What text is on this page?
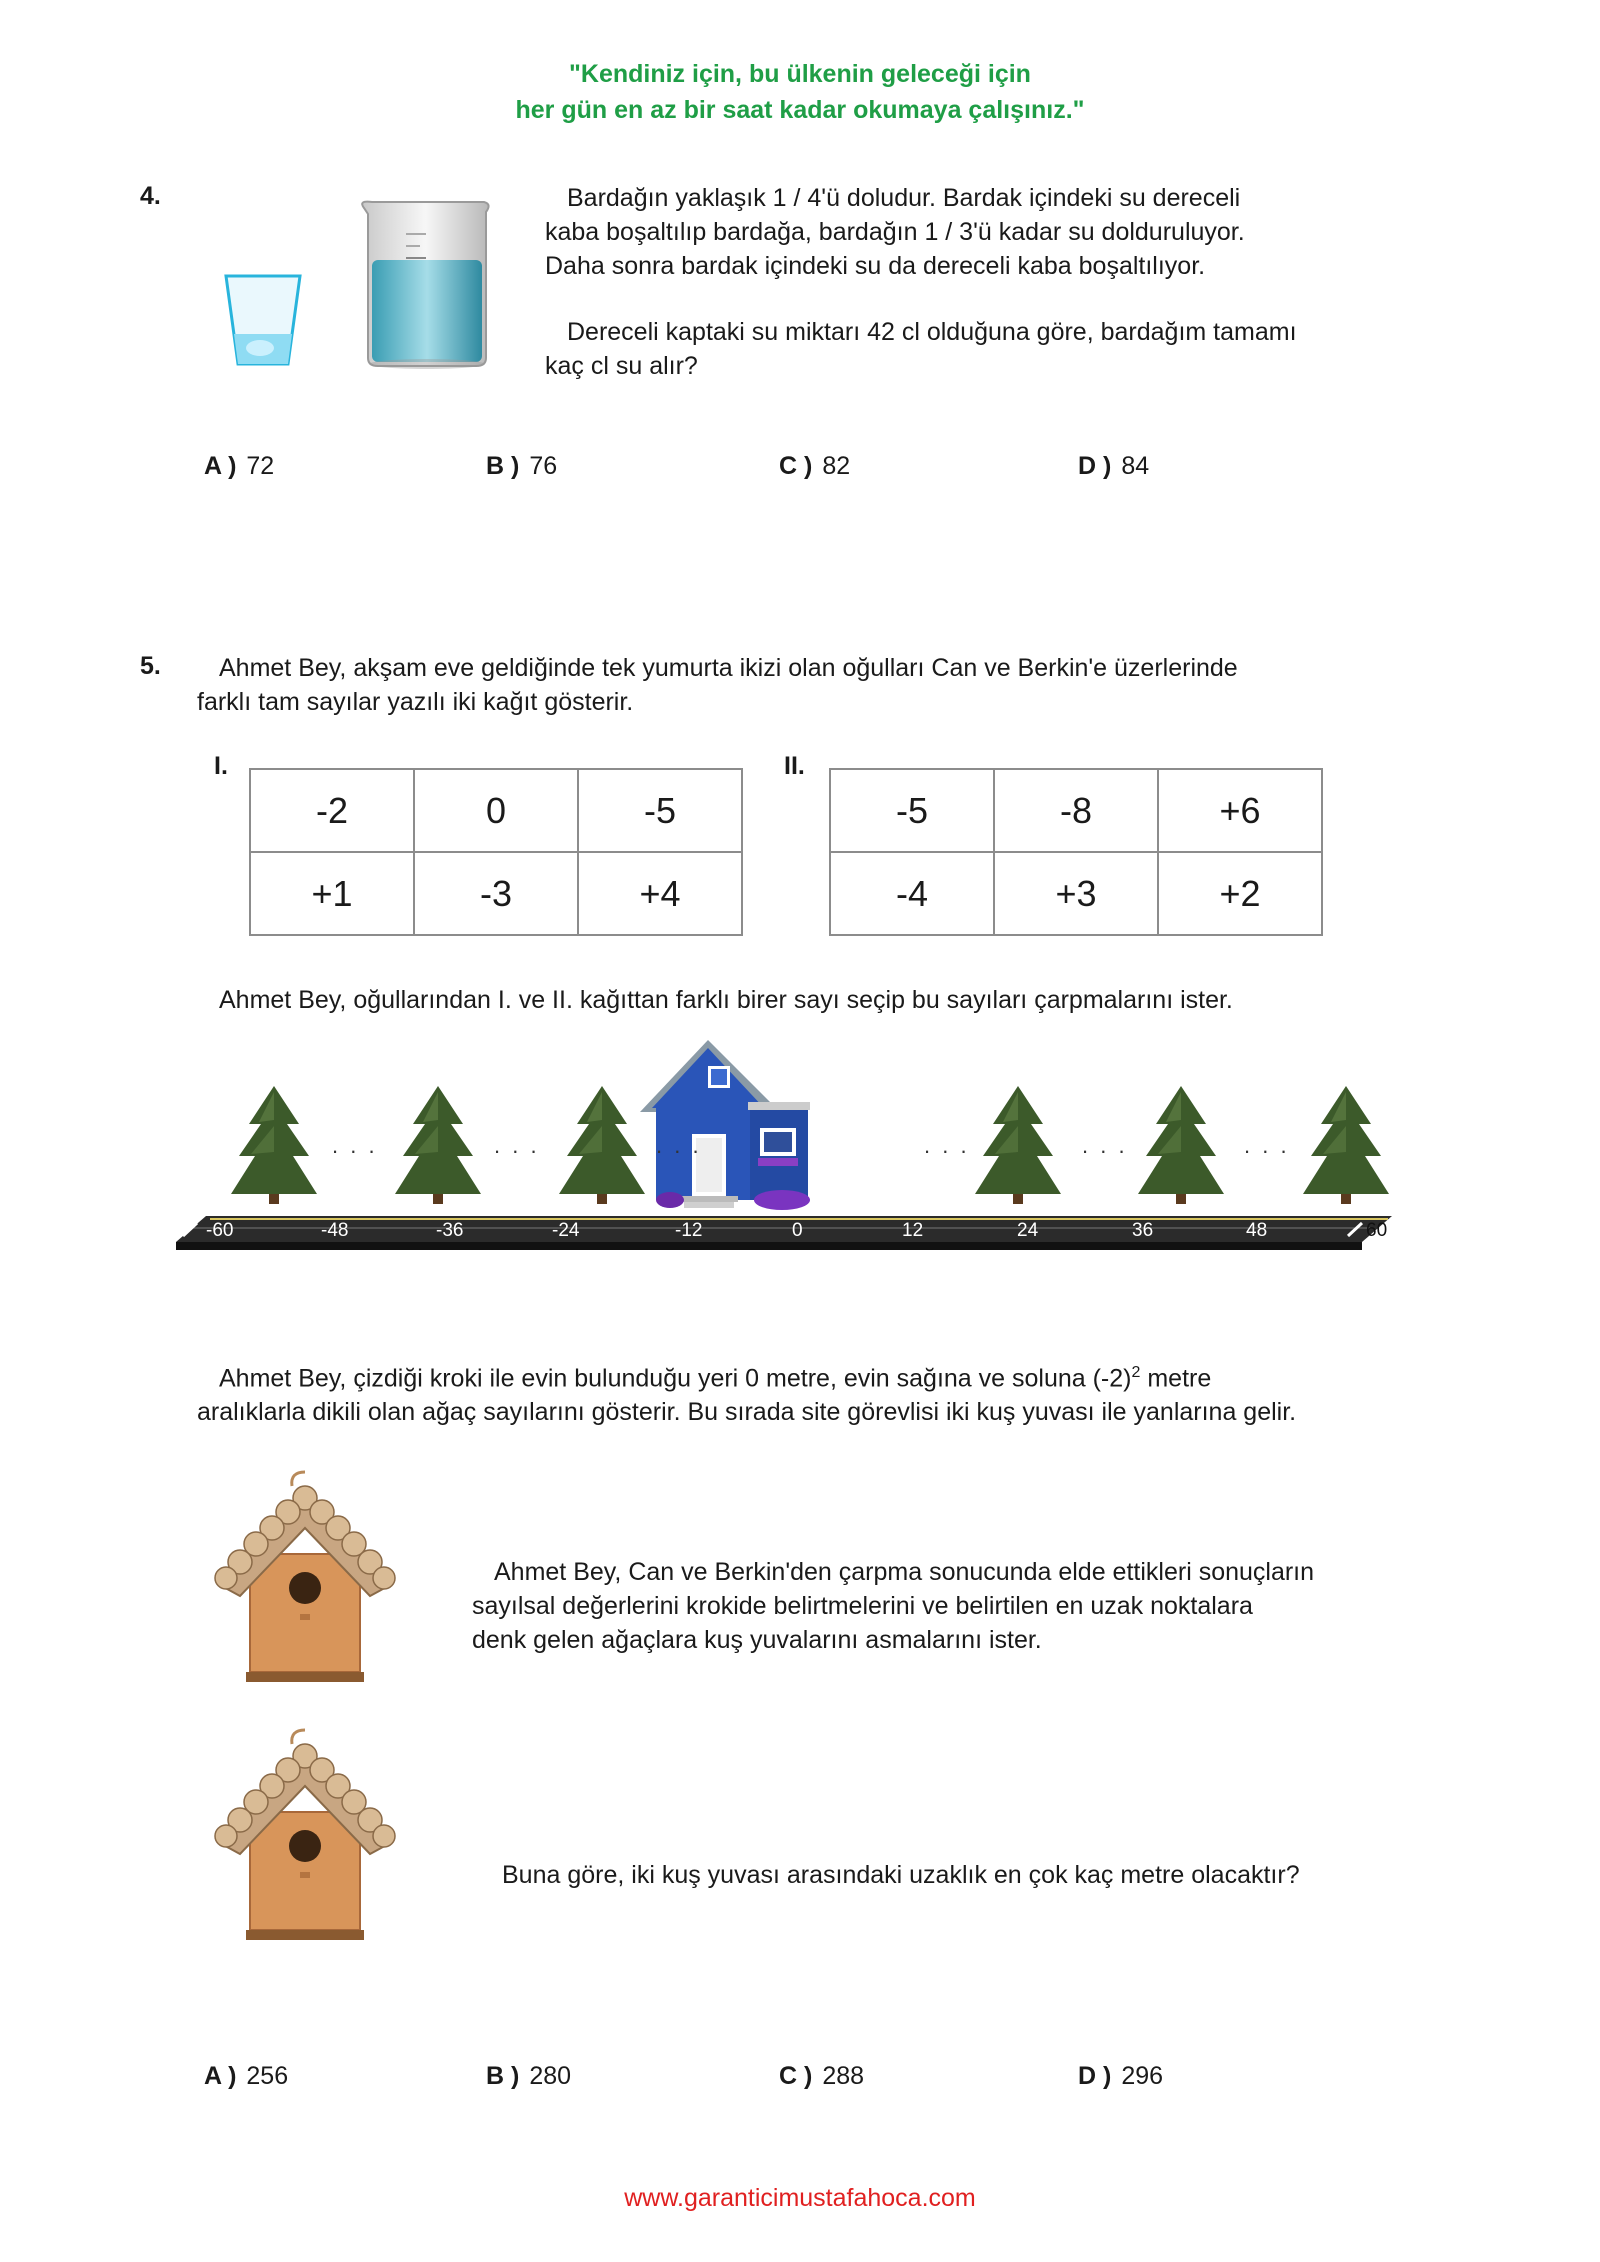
"Kendiniz için, bu ülkenin geleceği için
her gün en az bir saat kadar okumaya çalışınız."
4.	Bardağın yaklaşık 1 / 4'ü doludur. Bardak içindeki su dereceli
kaba boşaltılıp bardağa, bardağın 1 / 3'ü kadar su dolduruluyor.
Daha sonra bardak içindeki su da dereceli kaba boşaltılıyor.
Dereceli kaptaki su miktarı 42 cl olduğuna göre, bardağım tamamı
kaç cl su alır?
A ) 72	B ) 76	C ) 82	D ) 84
5.	Ahmet Bey, akşam eve geldiğinde tek yumurta ikizi olan oğulları Can ve Berkin'e üzerlerinde
farklı tam sayılar yazılı iki kağıt gösterir.
I.
-2	0	-5
+1	-3	+4
II.
-5	-8	+6
-4	+3	+2
Ahmet Bey, oğullarından I. ve II. kağıttan farklı birer sayı seçip bu sayıları çarpmalarını ister.
. . .	. . .	. . .	. . .	. . .	. . .
-60	-48	-36	-24	-12	0	12	24	36	48	60
Ahmet Bey, çizdiği kroki ile evin bulunduğu yeri 0 metre, evin sağına ve soluna $(-2)^2$ metre
aralıklarla dikili olan ağaç sayılarını gösterir. Bu sırada site görevlisi iki kuş yuvası ile yanlarına gelir.
Ahmet Bey, Can ve Berkin'den çarpma sonucunda elde ettikleri sonuçların
sayılsal değerlerini krokide belirtmelerini ve belirtilen en uzak noktalara
denk gelen ağaçlara kuş yuvalarını asmalarını ister.
Buna göre, iki kuş yuvası arasındaki uzaklık en çok kaç metre olacaktır?
A ) 256	B ) 280	C ) 288	D ) 296
www.garanticimustafahoca.com
